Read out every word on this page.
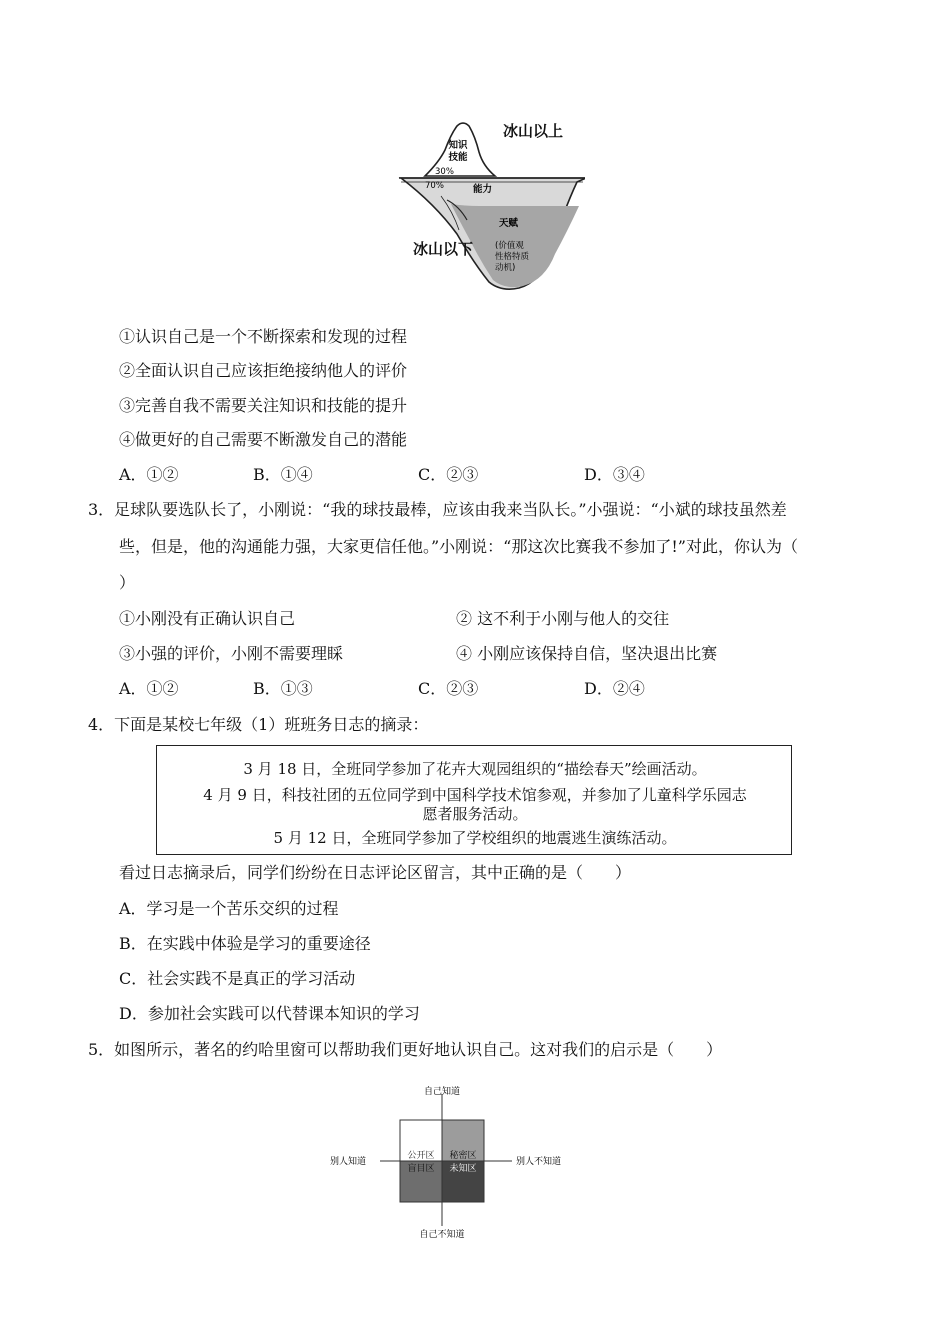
知识
技能
30%
70%	能力
天赋
(价值观
性格特质
动机)
冰山以上
冰山以下
①认识自己是一个不断探索和发现的过程
②全面认识自己应该拒绝接纳他人的评价
③完善自我不需要关注知识和技能的提升
④做更好的自己需要不断激发自己的潜能
A．①②	B．①④	C．②③	D．③④
3．足球队要选队长了，小刚说：“我的球技最棒，应该由我来当队长。”小强说：“小斌的球技虽然差
些，但是，他的沟通能力强，大家更信任他。”小刚说：“那这次比赛我不参加了!”对此，你认为（
）
①小刚没有正确认识自己	② 这不利于小刚与他人的交往
③小强的评价，小刚不需要理睬	④ 小刚应该保持自信，坚决退出比赛
A．①②	B．①③	C．②③	D．②④
4．下面是某校七年级（1）班班务日志的摘录：
3 月 18 日，全班同学参加了花卉大观园组织的“描绘春天”绘画活动。
4 月 9 日，科技社团的五位同学到中国科学技术馆参观，并参加了儿童科学乐园志
愿者服务活动。
5 月 12 日，全班同学参加了学校组织的地震逃生演练活动。
看过日志摘录后，同学们纷纷在日志评论区留言，其中正确的是（　　）
A．学习是一个苦乐交织的过程
B．在实践中体验是学习的重要途径
C．社会实践不是真正的学习活动
D．参加社会实践可以代替课本知识的学习
5．如图所示，著名的约哈里窗可以帮助我们更好地认识自己。这对我们的启示是（　　）
自己知道
自己不知道
别人知道	别人不知道
公开区 秘密区
盲目区 未知区
